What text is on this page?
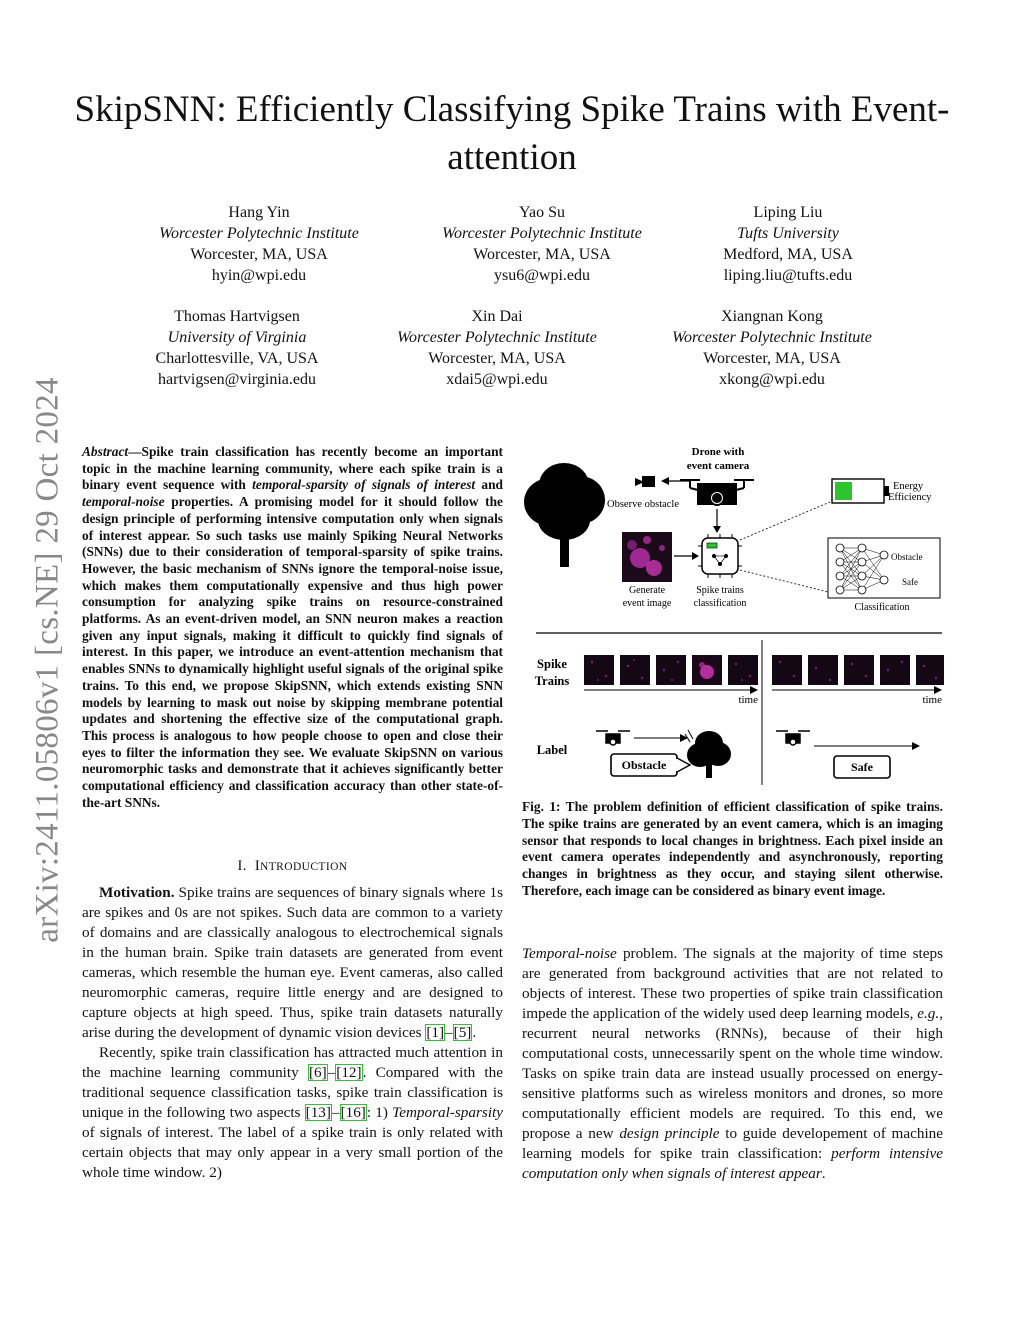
arXiv:2411.05806v1 [cs.NE] 29 Oct 2024
SkipSNN: Efficiently Classifying Spike Trains with Event-attention
Hang Yin
Worcester Polytechnic Institute
Worcester, MA, USA
hyin@wpi.edu
Yao Su
Worcester Polytechnic Institute
Worcester, MA, USA
ysu6@wpi.edu
Liping Liu
Tufts University
Medford, MA, USA
liping.liu@tufts.edu
Thomas Hartvigsen
University of Virginia
Charlottesville, VA, USA
hartvigsen@virginia.edu
Xin Dai
Worcester Polytechnic Institute
Worcester, MA, USA
xdai5@wpi.edu
Xiangnan Kong
Worcester Polytechnic Institute
Worcester, MA, USA
xkong@wpi.edu
Abstract—Spike train classification has recently become an important topic in the machine learning community, where each spike train is a binary event sequence with temporal-sparsity of signals of interest and temporal-noise properties. A promising model for it should follow the design principle of performing intensive computation only when signals of interest appear. So such tasks use mainly Spiking Neural Networks (SNNs) due to their consideration of temporal-sparsity of spike trains. However, the basic mechanism of SNNs ignore the temporal-noise issue, which makes them computationally expensive and thus high power consumption for analyzing spike trains on resource-constrained platforms. As an event-driven model, an SNN neuron makes a reaction given any input signals, making it difficult to quickly find signals of interest. In this paper, we introduce an event-attention mechanism that enables SNNs to dynamically highlight useful signals of the original spike trains. To this end, we propose SkipSNN, which extends existing SNN models by learning to mask out noise by skipping membrane potential updates and shortening the effective size of the computational graph. This process is analogous to how people choose to open and close their eyes to filter the information they see. We evaluate SkipSNN on various neuromorphic tasks and demonstrate that it achieves significantly better computational efficiency and classification accuracy than other state-of-the-art SNNs.
I. INTRODUCTION

Motivation. Spike trains are sequences of binary signals where 1s are spikes and 0s are not spikes. Such data are common to a variety of domains and are classically analogous to electrochemical signals in the human brain. Spike train datasets are generated from event cameras, which resemble the human eye. Event cameras, also called neuromorphic cameras, require little energy and are designed to capture objects at high speed. Thus, spike train datasets naturally arise during the development of dynamic vision devices [1]–[5].

Recently, spike train classification has attracted much attention in the machine learning community [6]–[12]. Compared with the traditional sequence classification tasks, spike train classification is unique in the following two aspects [13]–[16]: 1) Temporal-sparsity of signals of interest. The label of a spike train is only related with certain objects that may only appear in a very small portion of the whole time window. 2)

Observe obstacle
Drone with
event camera
Energy
Efficiency
Generate
event image
Spike trains
classification
Obstacle
Safe
Classification
Spike
Trains
time	time
Label
Obstacle	Safe
Fig. 1: The problem definition of efficient classification of spike trains. The spike trains are generated by an event camera, which is an imaging sensor that responds to local changes in brightness. Each pixel inside an event camera operates independently and asynchronously, reporting changes in brightness as they occur, and staying silent otherwise. Therefore, each image can be considered as binary event image.

Temporal-noise problem. The signals at the majority of time steps are generated from background activities that are not related to objects of interest. These two properties of spike train classification impede the application of the widely used deep learning models, e.g., recurrent neural networks (RNNs), because of their high computational costs, unnecessarily spent on the whole time window. Tasks on spike train data are instead usually processed on energy-sensitive platforms such as wireless monitors and drones, so more computationally efficient models are required. To this end, we propose a new design principle to guide developement of machine learning models for spike train classification: perform intensive computation only when signals of interest appear.
